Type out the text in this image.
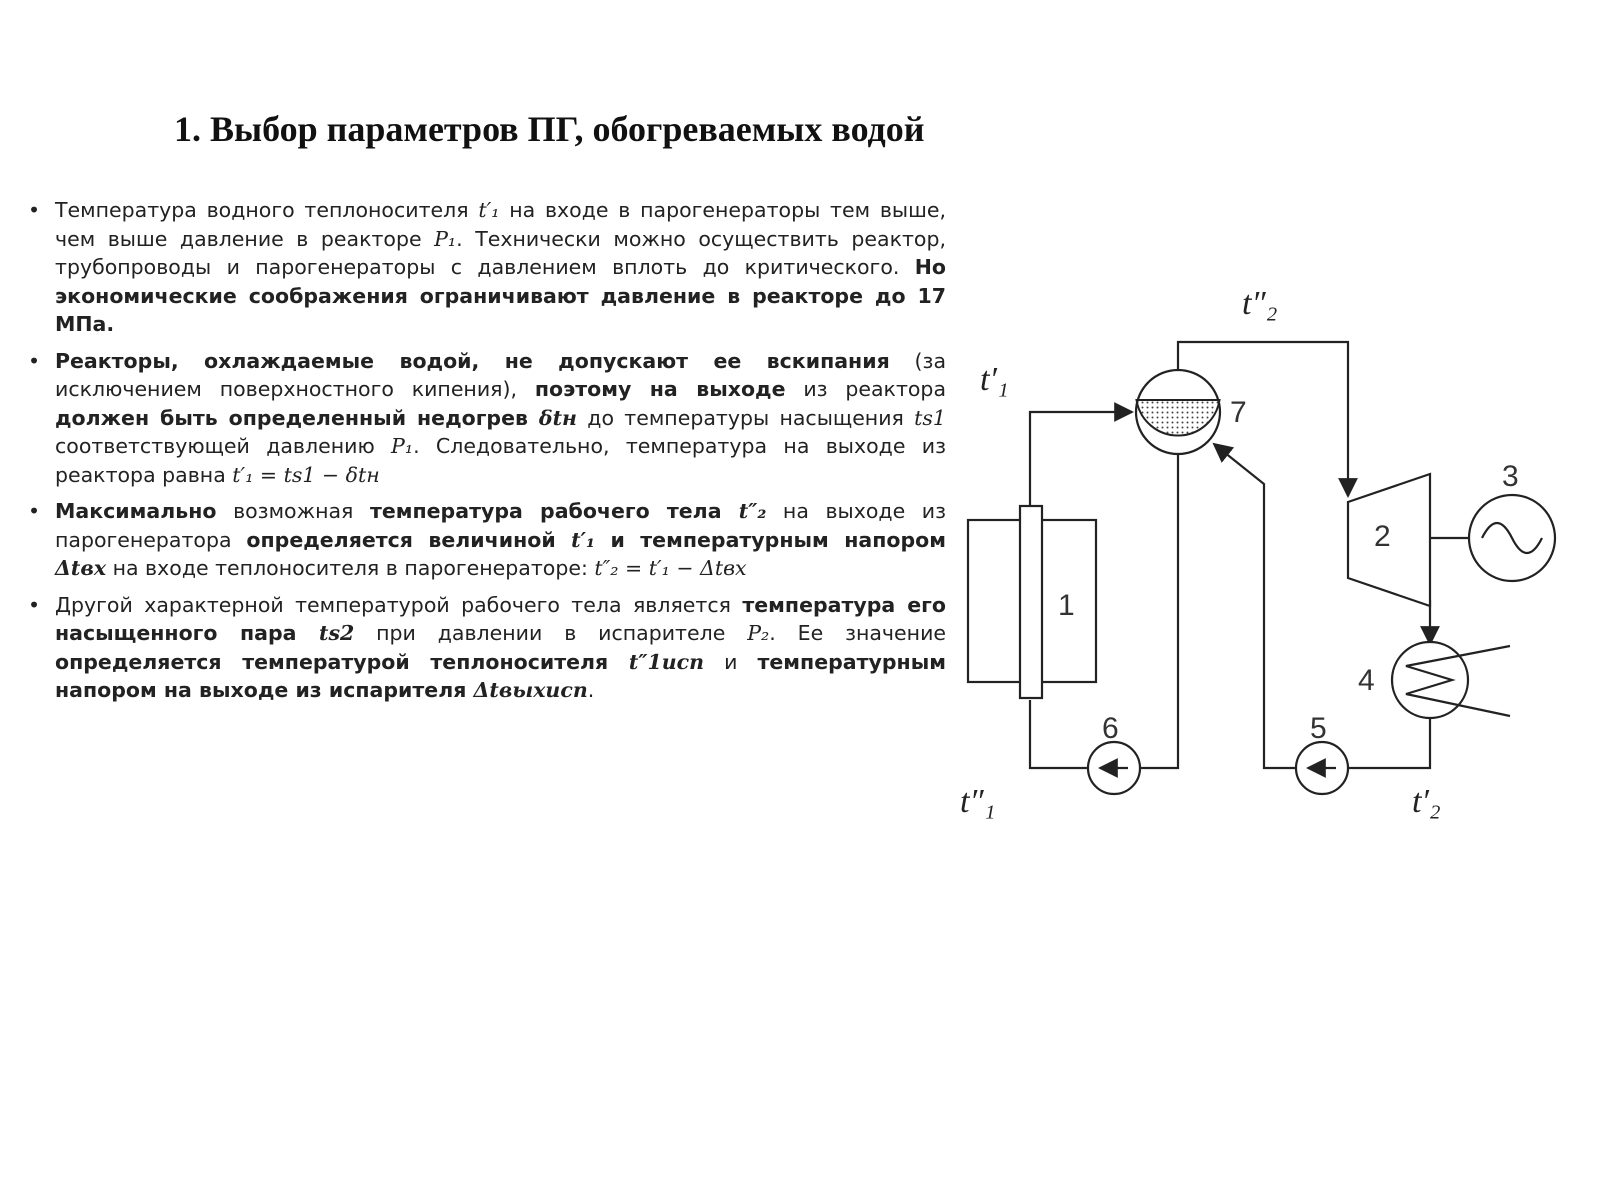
1. Выбор параметров ПГ, обогреваемых водой

• Температура водного теплоносителя t′₁ на входе в парогенераторы тем выше, чем выше давление в реакторе P₁. Технически можно осуществить реактор, трубопроводы и парогенераторы с давлением вплоть до критического. Но экономические соображения ограничивают давление в реакторе до 17 МПа.

• Реакторы, охлаждаемые водой, не допускают ее вскипания (за исключением поверхностного кипения), поэтому на выходе из реактора должен быть определенный недогрев δtн до температуры насыщения ts1 соответствующей давлению P₁. Следовательно, температура на выходе из реактора равна t′₁ = ts1 − δtн

• Максимально возможная температура рабочего тела t″₂ на выходе из парогенератора определяется величиной t′₁ и температурным напором Δtвх на входе теплоносителя в парогенераторе: t″₂ = t′₁ − Δtвх

• Другой характерной температурой рабочего тела является температура его насыщенного пара ts2 при давлении в испарителе P₂. Ее значение определяется температурой теплоносителя t″1исп и температурным напором на выходе из испарителя Δtвыхисп.

1
2
3
4
5
6
7
t′₁
t″₁
t″₂
t′₂
